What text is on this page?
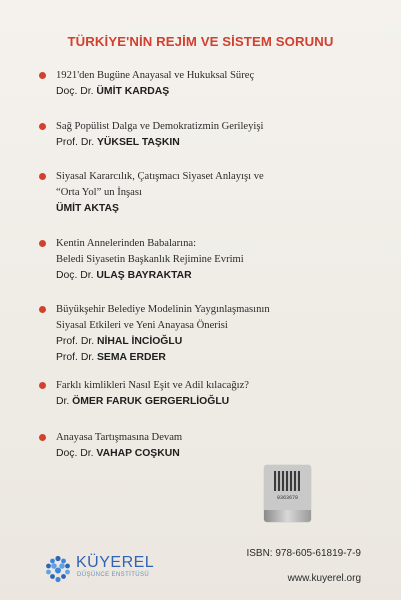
TÜRKİYE'NİN REJİM VE SİSTEM SORUNU
1921'den Bugüne Anayasal ve Hukuksal Süreç
Doç. Dr. ÜMİT KARDAŞ
Sağ Popülist Dalga ve Demokratizmin Gerileyişi
Prof. Dr. YÜKSEL TAŞKIN
Siyasal Kararcılık, Çatışmacı Siyaset Anlayışı ve
“Orta Yol” un İnşası
ÜMİT AKTAŞ
Kentin Annelerinden Babalarına:
Beledi Siyasetin Başkanlık Rejimine Evrimi
Doç. Dr. ULAŞ BAYRAKTAR
Büyükşehir Belediye Modelinin Yaygınlaşmasının
Siyasal Etkileri ve Yeni Anayasa Önerisi
Prof. Dr. NİHAL İNCİOĞLU
Prof. Dr. SEMA ERDER
Farklı kimlikleri Nasıl Eşit ve Adil kılacağız?
Dr. ÖMER FARUK GERGERLİOĞLU
Anayasa Tartışmasına Devam
Doç. Dr. VAHAP COŞKUN
0363678
KÜYEREL
DÜŞÜNCE ENSTİTÜSÜ
ISBN: 978-605-61819-7-9
www.kuyerel.org
